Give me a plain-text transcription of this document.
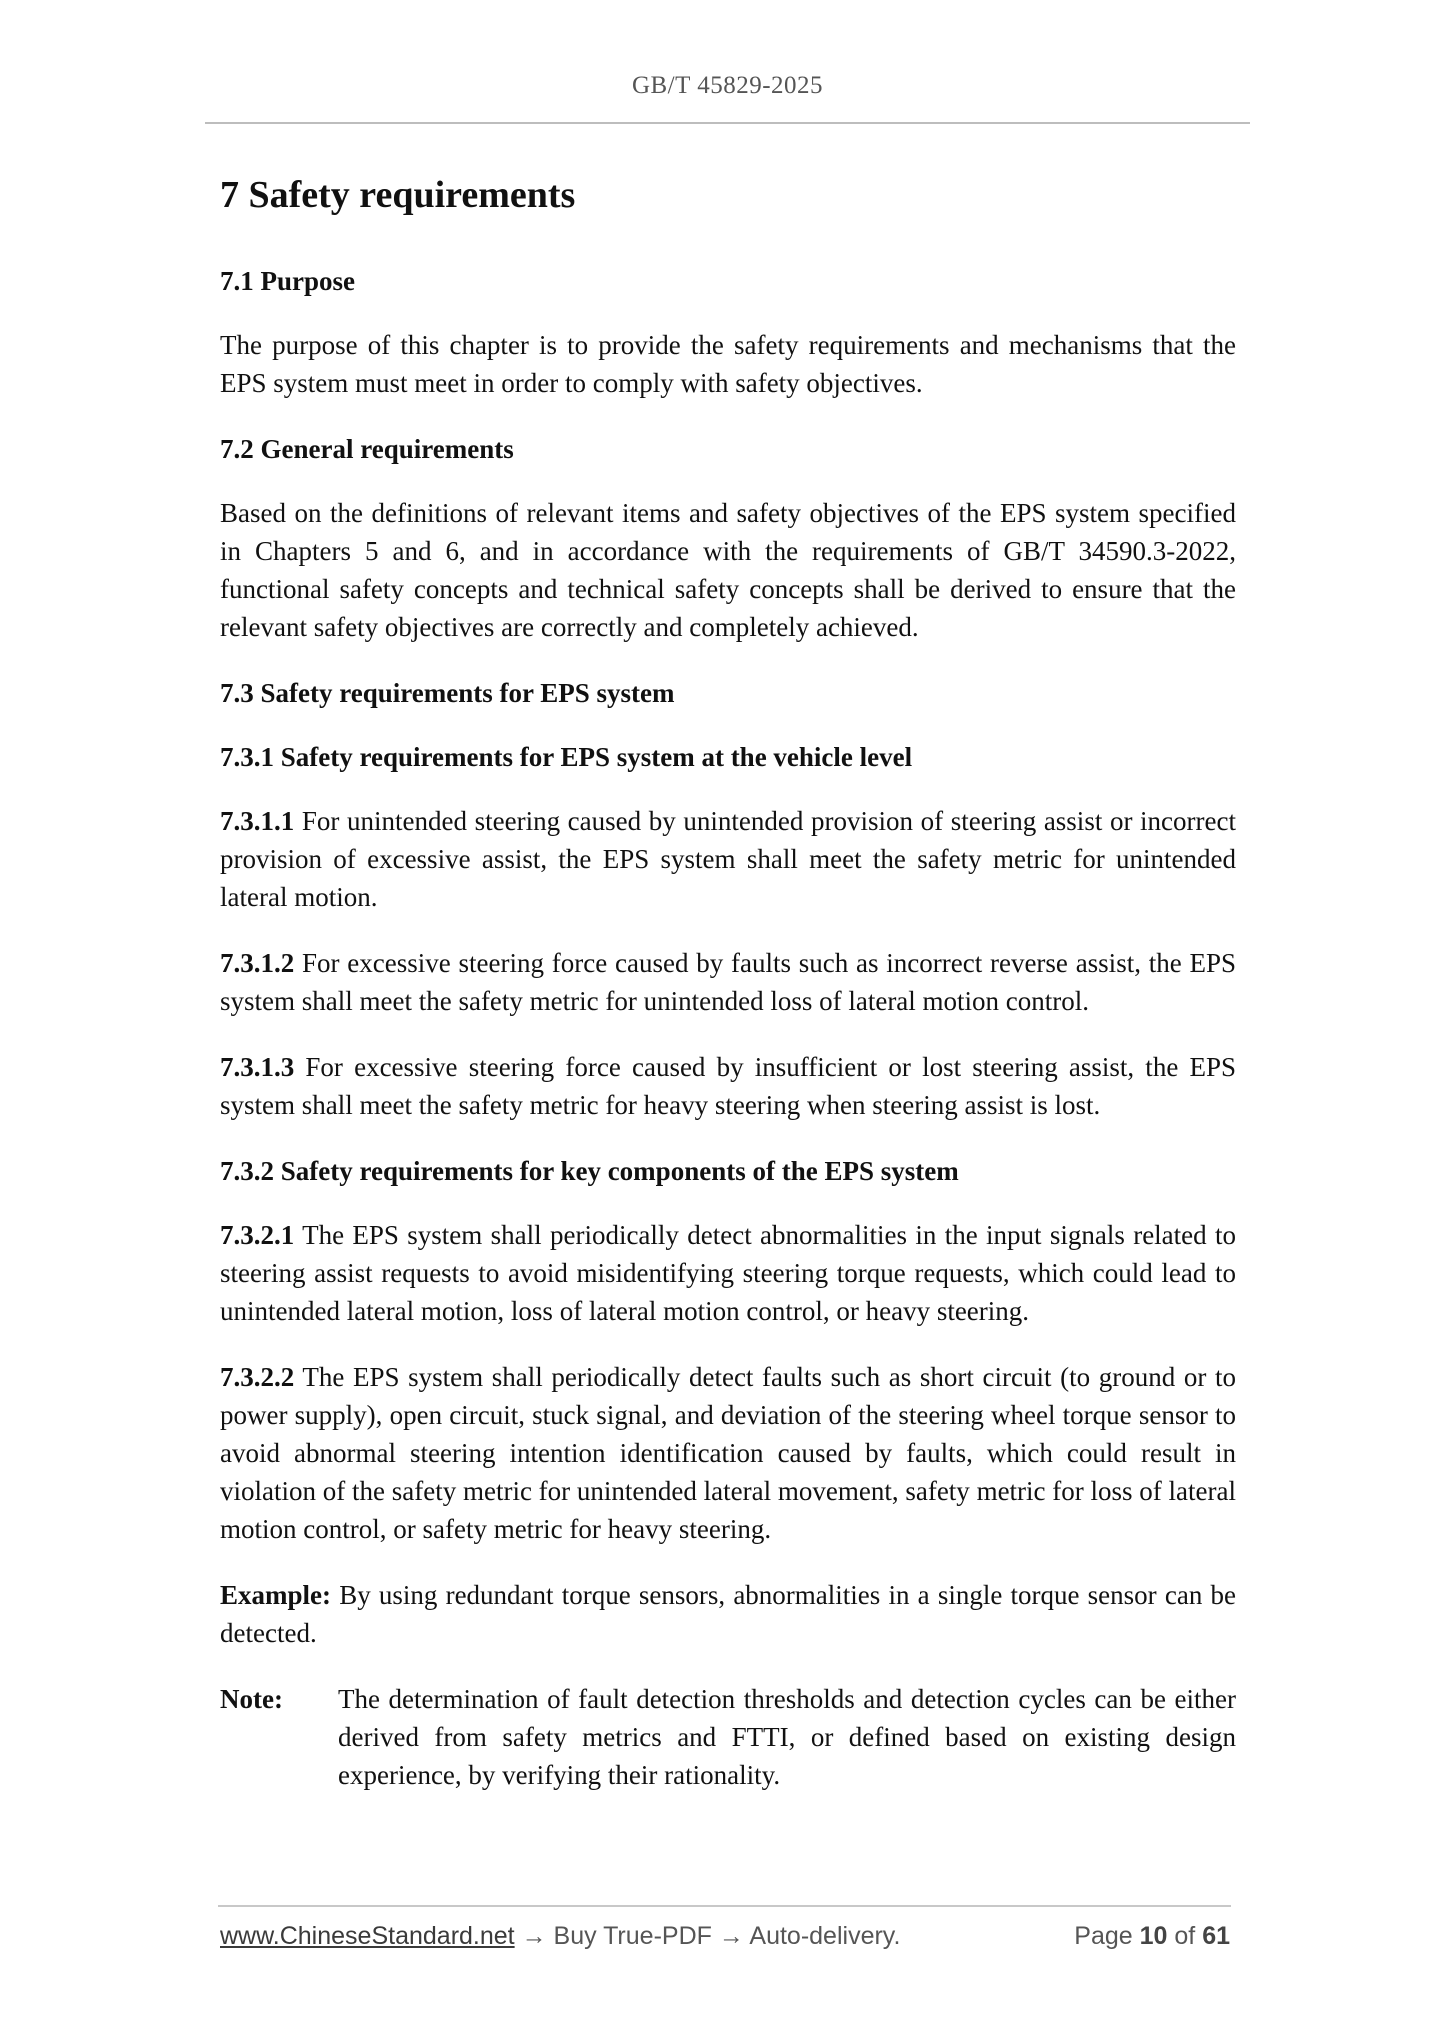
GB/T 45829-2025
7 Safety requirements
7.1 Purpose

The purpose of this chapter is to provide the safety requirements and mechanisms that the EPS system must meet in order to comply with safety objectives.

7.2 General requirements

Based on the definitions of relevant items and safety objectives of the EPS system specified in Chapters 5 and 6, and in accordance with the requirements of GB/T 34590.3-2022, functional safety concepts and technical safety concepts shall be derived to ensure that the relevant safety objectives are correctly and completely achieved.

7.3 Safety requirements for EPS system
7.3.1 Safety requirements for EPS system at the vehicle level

7.3.1.1 For unintended steering caused by unintended provision of steering assist or incorrect provision of excessive assist, the EPS system shall meet the safety metric for unintended lateral motion.

7.3.1.2 For excessive steering force caused by faults such as incorrect reverse assist, the EPS system shall meet the safety metric for unintended loss of lateral motion control.

7.3.1.3 For excessive steering force caused by insufficient or lost steering assist, the EPS system shall meet the safety metric for heavy steering when steering assist is lost.

7.3.2 Safety requirements for key components of the EPS system

7.3.2.1 The EPS system shall periodically detect abnormalities in the input signals related to steering assist requests to avoid misidentifying steering torque requests, which could lead to unintended lateral motion, loss of lateral motion control, or heavy steering.

7.3.2.2 The EPS system shall periodically detect faults such as short circuit (to ground or to power supply), open circuit, stuck signal, and deviation of the steering wheel torque sensor to avoid abnormal steering intention identification caused by faults, which could result in violation of the safety metric for unintended lateral movement, safety metric for loss of lateral motion control, or safety metric for heavy steering.

Example: By using redundant torque sensors, abnormalities in a single torque sensor can be detected.

Note:	The determination of fault detection thresholds and detection cycles can be either derived from safety metrics and FTTI, or defined based on existing design experience, by verifying their rationality.
www.ChineseStandard.net → Buy True-PDF → Auto-delivery.	Page 10 of 61
